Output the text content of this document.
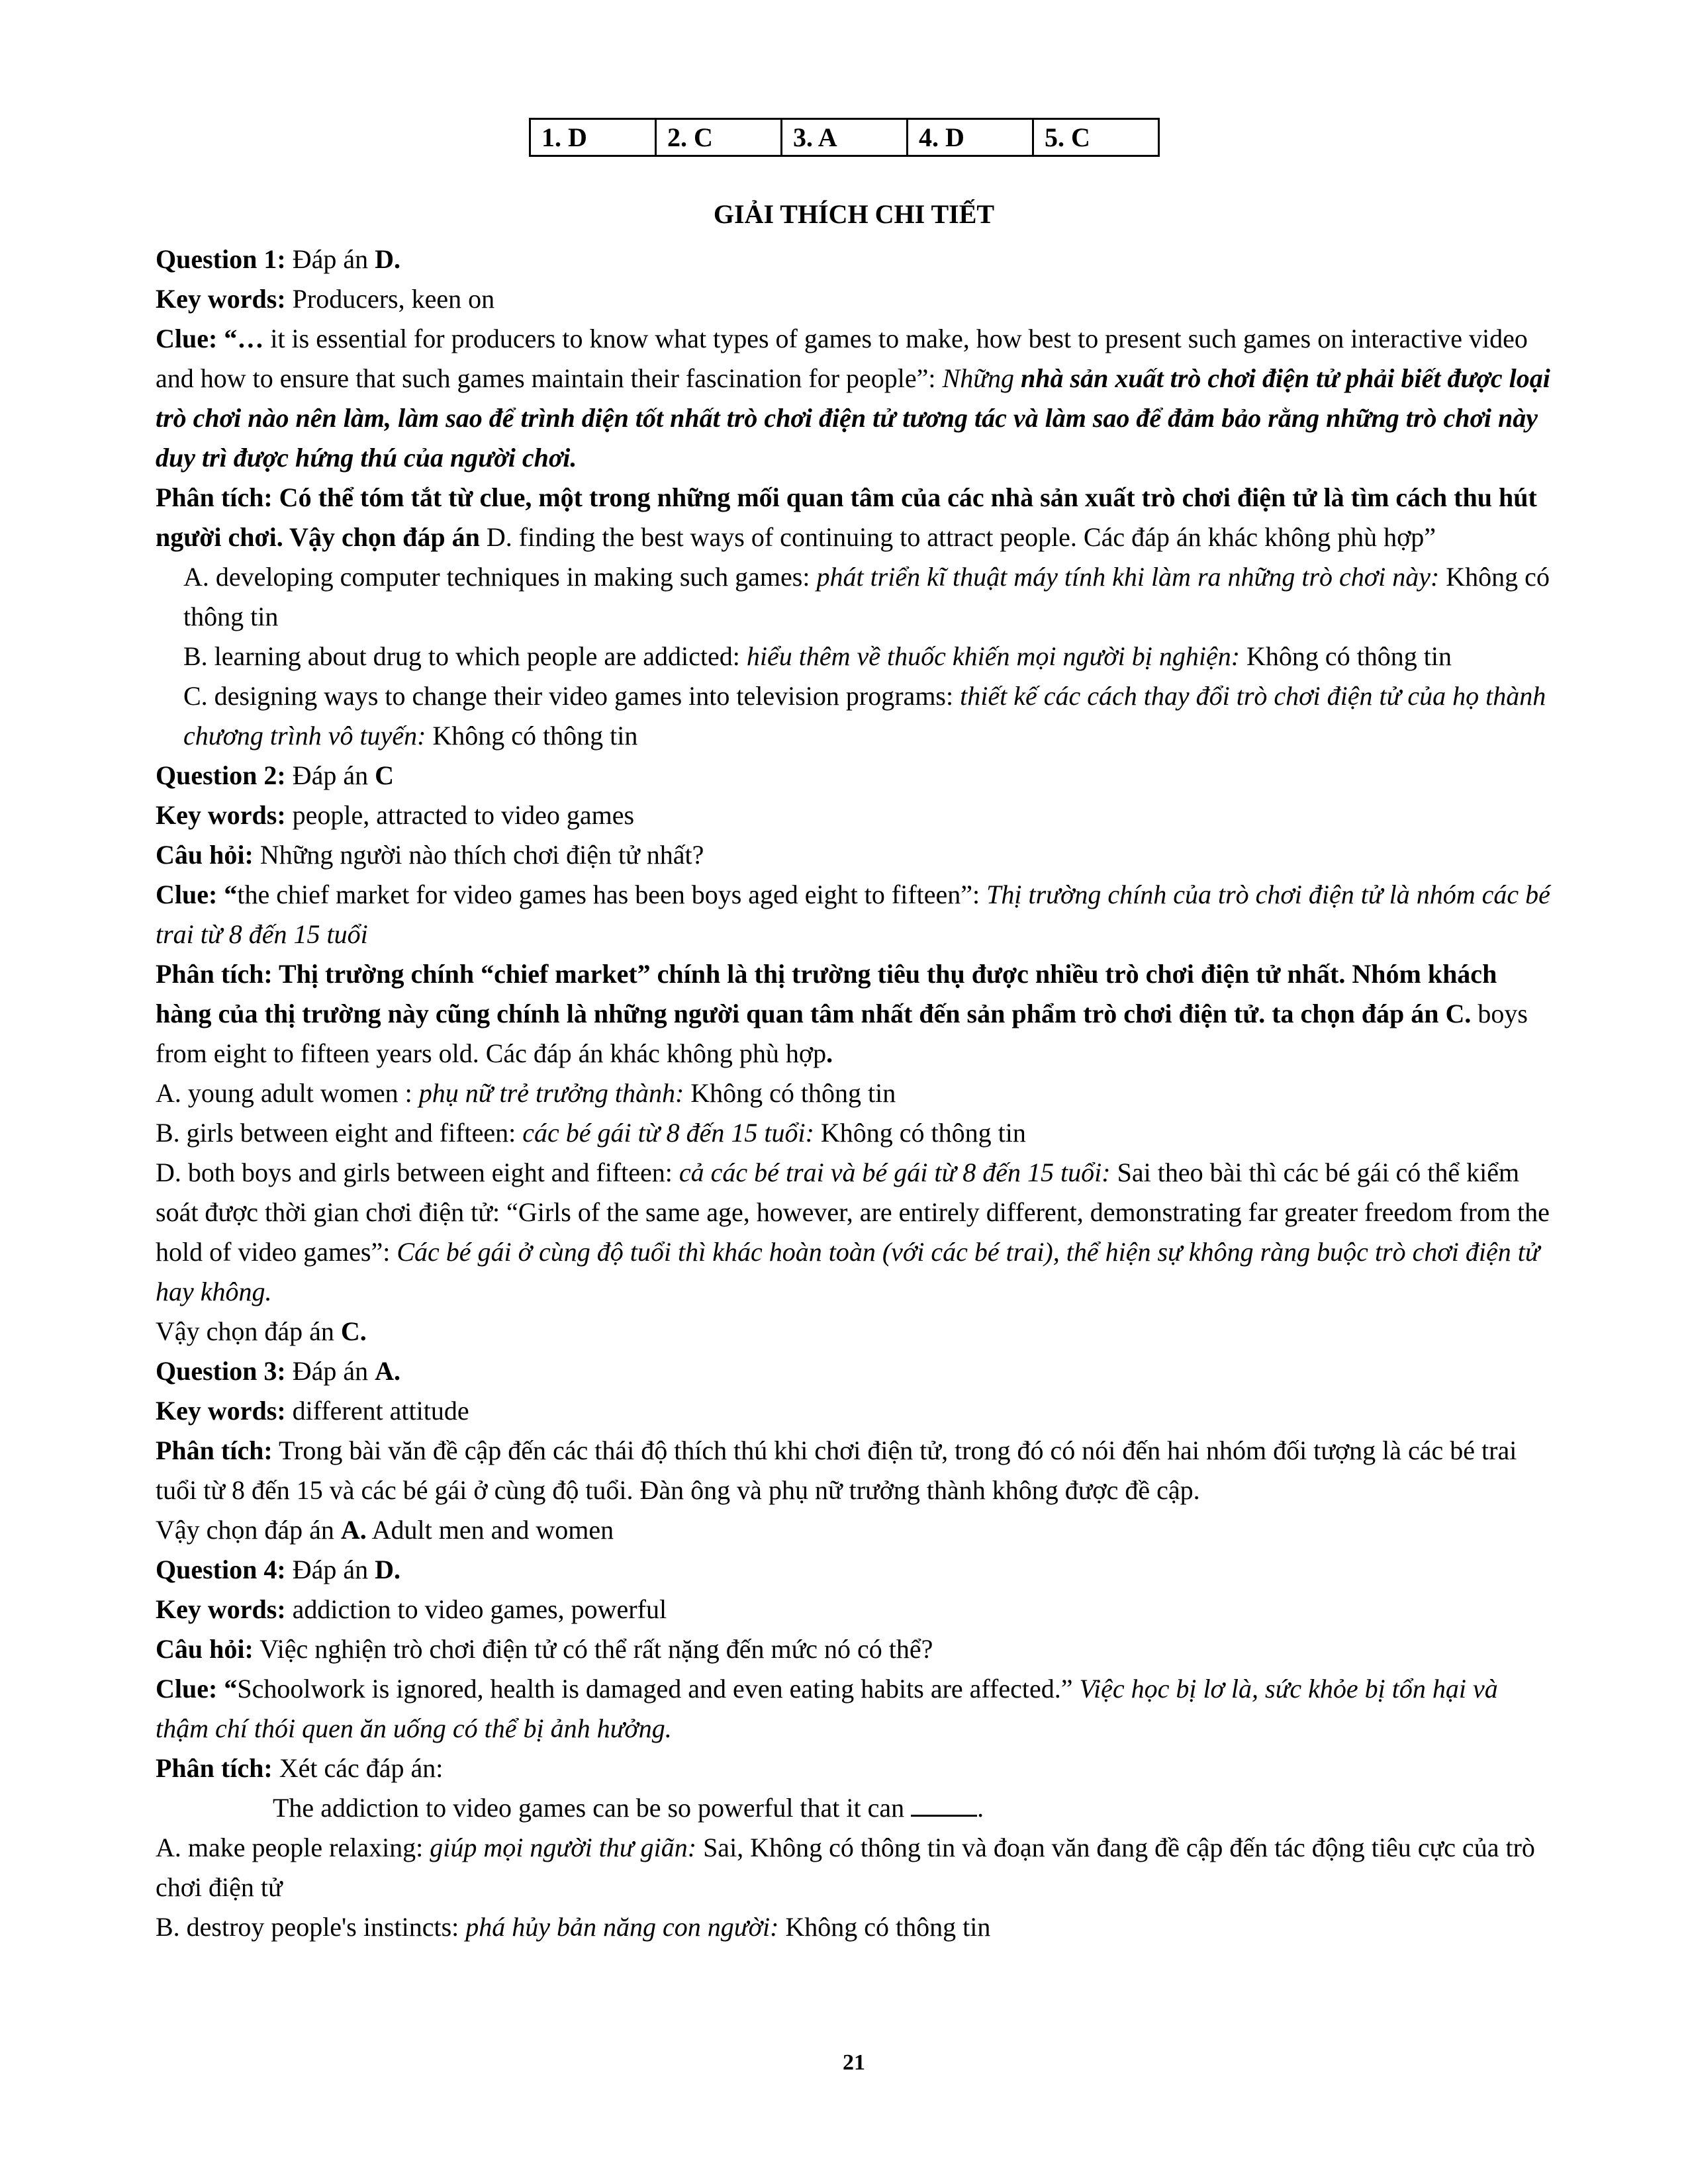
1. D	2. C	3. A	4. D	5. C
GIẢI THÍCH CHI TIẾT

Question 1: Đáp án D.

Key words: Producers, keen on

Clue: “… it is essential for producers to know what types of games to make, how best to present such games on interactive video and how to ensure that such games maintain their fascination for people”: Những nhà sản xuất trò chơi điện tử phải biết được loại trò chơi nào nên làm, làm sao để trình diện tốt nhất trò chơi điện tử tương tác và làm sao để đảm bảo rằng những trò chơi này duy trì được hứng thú của người chơi.

Phân tích: Có thể tóm tắt từ clue, một trong những mối quan tâm của các nhà sản xuất trò chơi điện tử là tìm cách thu hút người chơi. Vậy chọn đáp án D. finding the best ways of continuing to attract people. Các đáp án khác không phù hợp”

A. developing computer techniques in making such games: phát triển kĩ thuật máy tính khi làm ra những trò chơi này: Không có thông tin

B. learning about drug to which people are addicted: hiểu thêm về thuốc khiến mọi người bị nghiện: Không có thông tin

C. designing ways to change their video games into television programs: thiết kế các cách thay đổi trò chơi điện tử của họ thành chương trình vô tuyến: Không có thông tin

Question 2: Đáp án C

Key words: people, attracted to video games

Câu hỏi: Những người nào thích chơi điện tử nhất?

Clue: “the chief market for video games has been boys aged eight to fifteen”: Thị trường chính của trò chơi điện tử là nhóm các bé trai từ 8 đến 15 tuổi

Phân tích: Thị trường chính “chief market” chính là thị trường tiêu thụ được nhiều trò chơi điện tử nhất. Nhóm khách hàng của thị trường này cũng chính là những người quan tâm nhất đến sản phẩm trò chơi điện tử. ta chọn đáp án C. boys from eight to fifteen years old. Các đáp án khác không phù hợp.

A. young adult women : phụ nữ trẻ trưởng thành: Không có thông tin

B. girls between eight and fifteen: các bé gái từ 8 đến 15 tuổi: Không có thông tin

D. both boys and girls between eight and fifteen: cả các bé trai và bé gái từ 8 đến 15 tuổi: Sai theo bài thì các bé gái có thể kiểm soát được thời gian chơi điện tử: “Girls of the same age, however, are entirely different, demonstrating far greater freedom from the hold of video games”: Các bé gái ở cùng độ tuổi thì khác hoàn toàn (với các bé trai), thể hiện sự không ràng buộc trò chơi điện tử hay không.

Vậy chọn đáp án C.

Question 3: Đáp án A.

Key words: different attitude

Phân tích: Trong bài văn đề cập đến các thái độ thích thú khi chơi điện tử, trong đó có nói đến hai nhóm đối tượng là các bé trai tuổi từ 8 đến 15 và các bé gái ở cùng độ tuổi. Đàn ông và phụ nữ trưởng thành không được đề cập.

Vậy chọn đáp án A. Adult men and women

Question 4: Đáp án D.

Key words: addiction to video games, powerful

Câu hỏi: Việc nghiện trò chơi điện tử có thể rất nặng đến mức nó có thể?

Clue: “Schoolwork is ignored, health is damaged and even eating habits are affected.” Việc học bị lơ là, sức khỏe bị tổn hại và thậm chí thói quen ăn uống có thể bị ảnh hưởng.

Phân tích: Xét các đáp án:

The addiction to video games can be so powerful that it can	.

A. make people relaxing: giúp mọi người thư giãn: Sai, Không có thông tin và đoạn văn đang đề cập đến tác động tiêu cực của trò chơi điện tử

B. destroy people's instincts: phá hủy bản năng con người: Không có thông tin

21
